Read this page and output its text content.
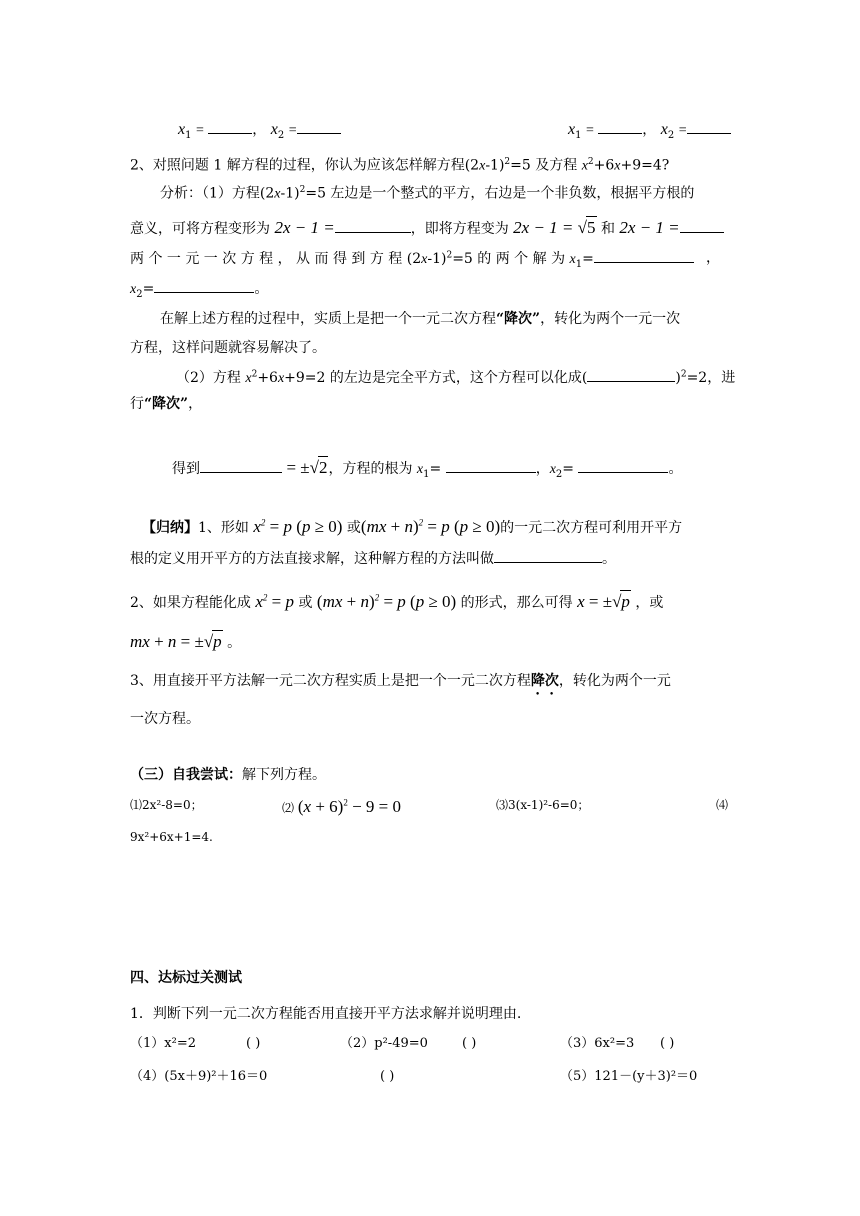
$x_1$ =	， $x_2$ =	$x_1$ =	， $x_2$ =
2、对照问题 1 解方程的过程，你认为应该怎样解方程$(2x-1)^2=5$ 及方程 $x^2+6x+9=4$?
分析：（1）方程$(2x-1)^2=5$ 左边是一个整式的平方，右边是一个非负数，根据平方根的
意义，可将方程变形为 2x − 1 =	，即将方程变为 2x − 1 = √5 和 2x − 1 =
两 个 一 元 一 次 方 程 ， 从 而 得 到 方 程 $(2x-1)^2=5$ 的 两 个 解 为 $x_1=$	，
$x_2=$	。
在解上述方程的过程中，实质上是把一个一元二次方程“降次”，转化为两个一元一次
方程，这样问题就容易解决了。
（2）方程 $x^2+6x+9=2$ 的左边是完全平方式，这个方程可以化成(	)$^2$=2，进
行“降次”，
得到	= ±√2，方程的根为 $x_1=$	，$x_2=$	。
【归纳】1、形如 $x^2 = p$ (p ≥ 0) 或(mx + n)$^2$ = p (p ≥ 0)的一元二次方程可利用开平方
根的定义用开平方的方法直接求解，这种解方程的方法叫做	。
2、如果方程能化成 $x^2 = p$ 或 (mx + n)$^2$ = p (p ≥ 0) 的形式，那么可得 x = ±√p ，或
mx + n = ±√p 。
3、用直接开平方法解一元二次方程实质上是把一个一元二次方程降次，转化为两个一元
一次方程。
（三）自我尝试：解下列方程。
⑴2x²-8=0；	⑵ $(x + 6)^2 - 9 = 0$	⑶3(x-1)²-6=0；	⑷
9x²+6x+1=4.
四、达标过关测试
1．判断下列一元二次方程能否用直接开平方法求解并说明理由.
（1）x²=2	( )	（2）p²-49=0	( )	（3）6x²=3 ( )
（4）(5x＋9)²＋16＝0	( )	（5）121－(y＋3)²＝0
